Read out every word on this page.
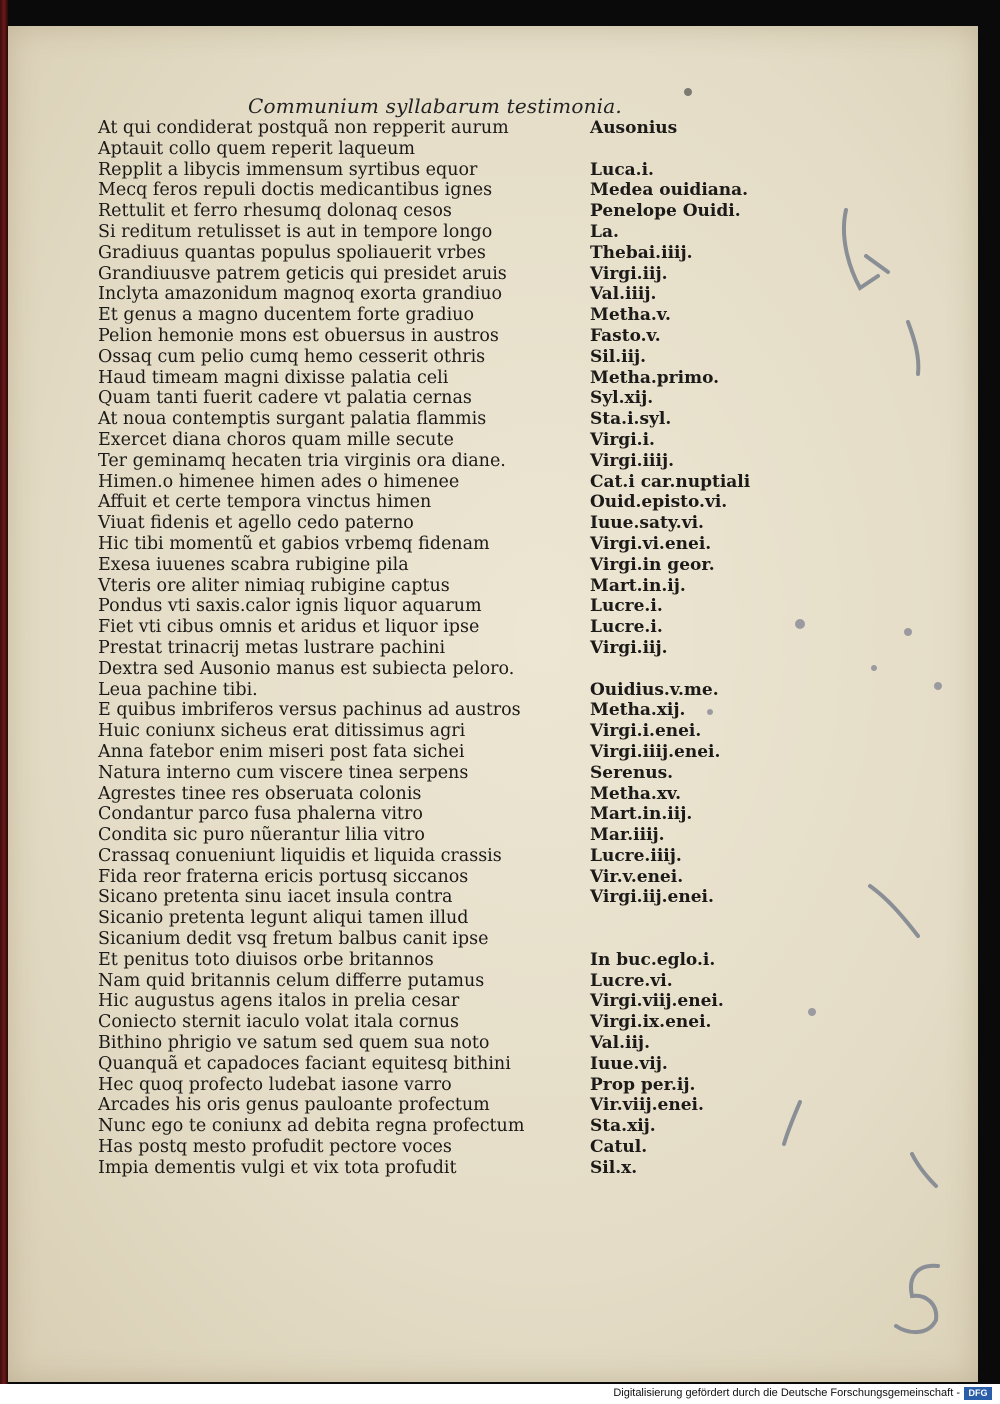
Communium syllabarum testimonia.
At qui condiderat postquã non repperit aurum	Ausonius
Aptauit collo quem reperit laqueum
Repplit a libycis immensum syrtibus equor	Luca.i.
Mecq feros repuli doctis medicantibus ignes	Medea ouidiana.
Rettulit et ferro rhesumq dolonaq cesos	Penelope Ouidi.
Si reditum retulisset is aut in tempore longo	La.
Gradiuus quantas populus spoliauerit vrbes	Thebai.iiij.
Grandiuusve patrem geticis qui presidet aruis	Virgi.iij.
Inclyta amazonidum magnoq exorta grandiuo	Val.iiij.
Et genus a magno ducentem forte gradiuo	Metha.v.
Pelion hemonie mons est obuersus in austros	Fasto.v.
Ossaq cum pelio cumq hemo cesserit othris	Sil.iij.
Haud timeam magni dixisse palatia celi	Metha.primo.
Quam tanti fuerit cadere vt palatia cernas	Syl.xij.
At noua contemptis surgant palatia flammis	Sta.i.syl.
Exercet diana choros quam mille secute	Virgi.i.
Ter geminamq hecaten tria virginis ora diane.	Virgi.iiij.
Himen.o himenee himen ades o himenee	Cat.i car.nuptiali
Affuit et certe tempora vinctus himen	Ouid.episto.vi.
Viuat fidenis et agello cedo paterno	Iuue.saty.vi.
Hic tibi momentũ et gabios vrbemq fidenam	Virgi.vi.enei.
Exesa iuuenes scabra rubigine pila	Virgi.in geor.
Vteris ore aliter nimiaq rubigine captus	Mart.in.ij.
Pondus vti saxis.calor ignis liquor aquarum	Lucre.i.
Fiet vti cibus omnis et aridus et liquor ipse	Lucre.i.
Prestat trinacrij metas lustrare pachini	Virgi.iij.
Dextra sed Ausonio manus est subiecta peloro.
Leua pachine tibi.	Ouidius.v.me.
E quibus imbriferos versus pachinus ad austros	Metha.xij.
Huic coniunx sicheus erat ditissimus agri	Virgi.i.enei.
Anna fatebor enim miseri post fata sichei	Virgi.iiij.enei.
Natura interno cum viscere tinea serpens	Serenus.
Agrestes tinee res obseruata colonis	Metha.xv.
Condantur parco fusa phalerna vitro	Mart.in.iij.
Condita sic puro nũerantur lilia vitro	Mar.iiij.
Crassaq conueniunt liquidis et liquida crassis	Lucre.iiij.
Fida reor fraterna ericis portusq siccanos	Vir.v.enei.
Sicano pretenta sinu iacet insula contra	Virgi.iij.enei.
Sicanio pretenta legunt aliqui tamen illud
Sicanium dedit vsq fretum balbus canit ipse
Et penitus toto diuisos orbe britannos	In buc.eglo.i.
Nam quid britannis celum differre putamus	Lucre.vi.
Hic augustus agens italos in prelia cesar	Virgi.viij.enei.
Coniecto sternit iaculo volat itala cornus	Virgi.ix.enei.
Bithino phrigio ve satum sed quem sua noto	Val.iij.
Quanquã et capadoces faciant equitesq bithini	Iuue.vij.
Hec quoq profecto ludebat iasone varro	Prop per.ij.
Arcades his oris genus pauloante profectum	Vir.viij.enei.
Nunc ego te coniunx ad debita regna profectum	Sta.xij.
Has postq mesto profudit pectore voces	Catul.
Impia dementis vulgi et vix tota profudit	Sil.x.
Digitalisierung gefördert durch die Deutsche Forschungsgemeinschaft - DFG
